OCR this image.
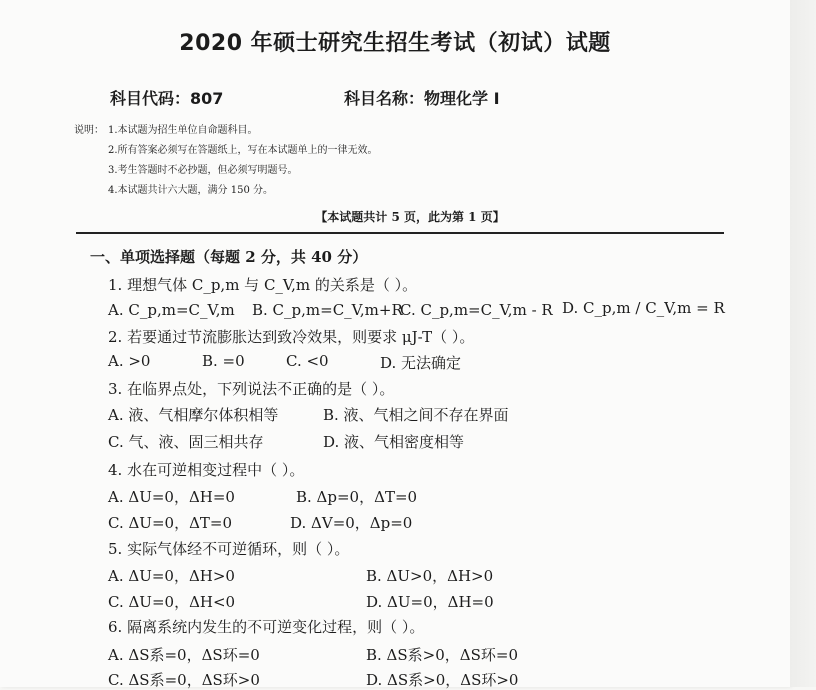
2020 年硕士研究生招生考试（初试）试题
科目代码：807	科目名称：物理化学 I
说明： 1.本试题为招生单位自命题科目。
2.所有答案必须写在答题纸上，写在本试题单上的一律无效。
3.考生答题时不必抄题，但必须写明题号。
4.本试题共计六大题，满分 150 分。
【本试题共计 5 页，此为第 1 页】
一、单项选择题（每题 2 分，共 40 分）
1. 理想气体 C_p,m 与 C_V,m 的关系是（ ）。
A. C_p,m=C_V,m B. C_p,m=C_V,m+R
C. C_p,m=C_V,m - R D. C_p,m / C_V,m = R
2. 若要通过节流膨胀达到致冷效果，则要求 μJ-T（ ）。
A. >0	B. =0	C. <0	D. 无法确定
3. 在临界点处，下列说法不正确的是（ ）。
A. 液、气相摩尔体积相等	B. 液、气相之间不存在界面
C. 气、液、固三相共存	D. 液、气相密度相等
4. 水在可逆相变过程中（ ）。
A. ΔU=0，ΔH=0	B. Δp=0，ΔT=0
C. ΔU=0，ΔT=0	D. ΔV=0，Δp=0
5. 实际气体经不可逆循环，则（ ）。
A. ΔU=0，ΔH>0	B. ΔU>0，ΔH>0
C. ΔU=0，ΔH<0	D. ΔU=0，ΔH=0
6. 隔离系统内发生的不可逆变化过程，则（ ）。
A. ΔS系=0，ΔS环=0	B. ΔS系>0，ΔS环=0
C. ΔS系=0，ΔS环>0	D. ΔS系>0，ΔS环>0
